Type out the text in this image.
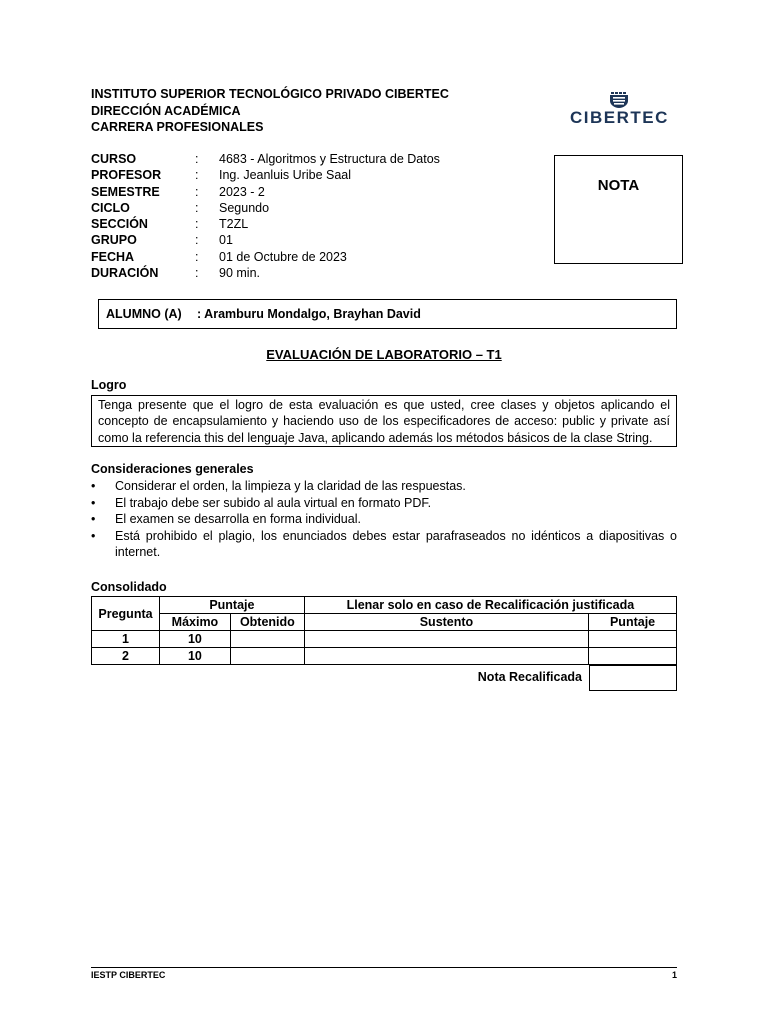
INSTITUTO SUPERIOR TECNOLÓGICO PRIVADO CIBERTEC
DIRECCIÓN ACADÉMICA
CARRERA PROFESIONALES	CIBERTEC
CURSO	:	4683 - Algoritmos y Estructura de Datos
PROFESOR	:	Ing. Jeanluis Uribe Saal
SEMESTRE	:	2023 - 2
CICLO	:	Segundo
SECCIÓN	:	T2ZL
GRUPO	:	01
FECHA	:	01 de Octubre de 2023
DURACIÓN	:	90 min.
NOTA
ALUMNO (A) : Aramburu Mondalgo, Brayhan David
EVALUACIÓN DE LABORATORIO – T1
Logro
Tenga presente que el logro de esta evaluación es que usted, cree clases y objetos aplicando el concepto de encapsulamiento y haciendo uso de los especificadores de acceso: public y private así como la referencia this del lenguaje Java, aplicando además los métodos básicos de la clase String.
Consideraciones generales
• Considerar el orden, la limpieza y la claridad de las respuestas.
• El trabajo debe ser subido al aula virtual en formato PDF.
• El examen se desarrolla en forma individual.
• Está prohibido el plagio, los enunciados debes estar parafraseados no idénticos a diapositivas o internet.
Consolidado
Pregunta	Puntaje		Llenar solo en caso de Recalificación justificada	
	Máximo	Obtenido	Sustento	Puntaje
1	10			
2	10			
Nota Recalificada
IESTP CIBERTEC	1
